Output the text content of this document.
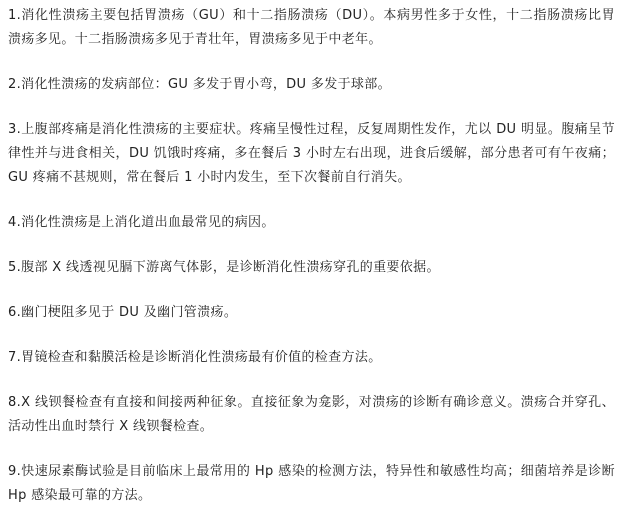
1.消化性溃疡主要包括胃溃疡（GU）和十二指肠溃疡（DU）。本病男性多于女性，十二指肠溃疡比胃溃疡多见。十二指肠溃疡多见于青壮年，胃溃疡多见于中老年。

2.消化性溃疡的发病部位：GU 多发于胃小弯，DU 多发于球部。

3.上腹部疼痛是消化性溃疡的主要症状。疼痛呈慢性过程，反复周期性发作，尤以 DU 明显。腹痛呈节律性并与进食相关，DU 饥饿时疼痛，多在餐后 3 小时左右出现，进食后缓解，部分患者可有午夜痛；GU 疼痛不甚规则，常在餐后 1 小时内发生，至下次餐前自行消失。

4.消化性溃疡是上消化道出血最常见的病因。

5.腹部 X 线透视见膈下游离气体影，是诊断消化性溃疡穿孔的重要依据。

6.幽门梗阻多见于 DU 及幽门管溃疡。

7.胃镜检查和黏膜活检是诊断消化性溃疡最有价值的检查方法。

8.X 线钡餐检查有直接和间接两种征象。直接征象为龛影，对溃疡的诊断有确诊意义。溃疡合并穿孔、活动性出血时禁行 X 线钡餐检查。

9.快速尿素酶试验是目前临床上最常用的 Hp 感染的检测方法，特异性和敏感性均高；细菌培养是诊断 Hp 感染最可靠的方法。
